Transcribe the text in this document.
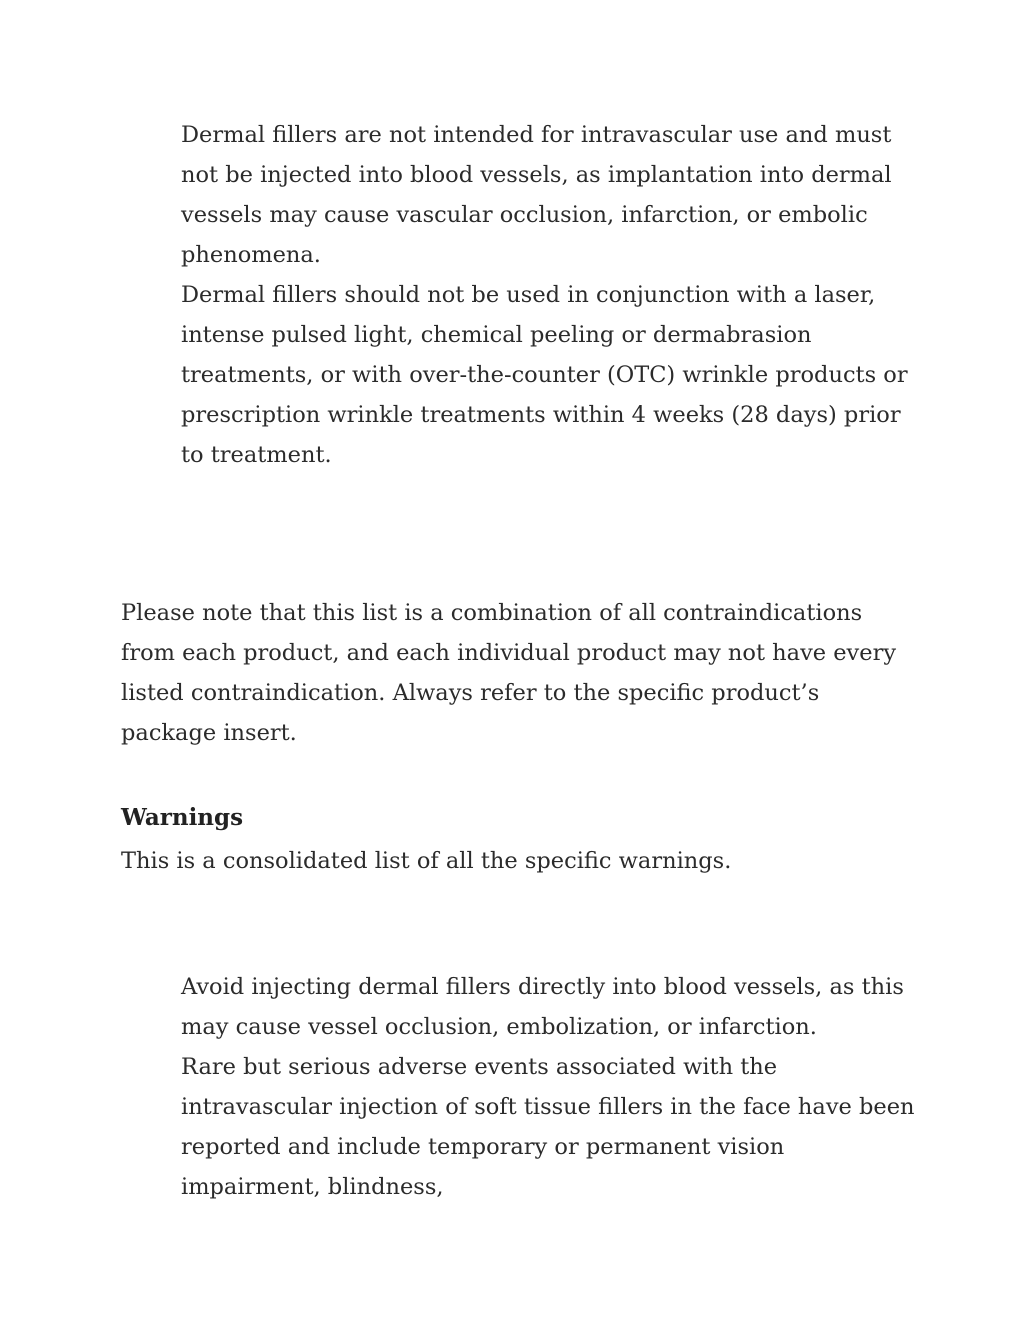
Dermal fillers are not intended for intravascular use and must not be injected into blood vessels, as implantation into dermal vessels may cause vascular occlusion, infarction, or embolic phenomena.

Dermal fillers should not be used in conjunction with a laser, intense pulsed light, chemical peeling or dermabrasion treatments, or with over-the-counter (OTC) wrinkle products or prescription wrinkle treatments within 4 weeks (28 days) prior to treatment.

Please note that this list is a combination of all contraindications from each product, and each individual product may not have every listed contraindication. Always refer to the specific product’s package insert.

Warnings

This is a consolidated list of all the specific warnings.

Avoid injecting dermal fillers directly into blood vessels, as this may cause vessel occlusion, embolization, or infarction.

Rare but serious adverse events associated with the intravascular injection of soft tissue fillers in the face have been reported and include temporary or permanent vision impairment, blindness,
